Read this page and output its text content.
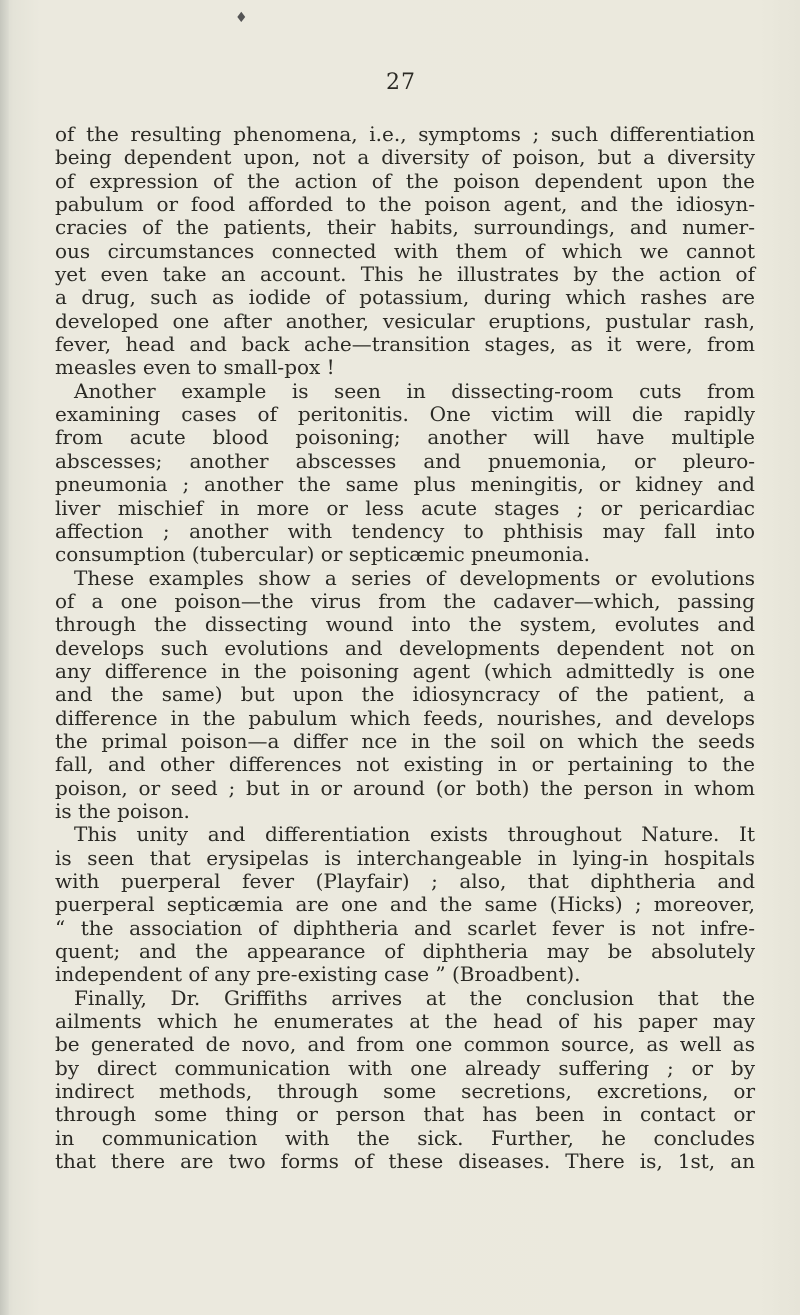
♦
27
of the resulting phenomena, i.e., symptoms ; such differentiation
being dependent upon, not a diversity of poison, but a diversity
of expression of the action of the poison dependent upon the
pabulum or food afforded to the poison agent, and the idiosyn-
cracies of the patients, their habits, surroundings, and numer-
ous circumstances connected with them of which we cannot
yet even take an account. This he illustrates by the action of
a drug, such as iodide of potassium, during which rashes are
developed one after another, vesicular eruptions, pustular rash,
fever, head and back ache—transition stages, as it were, from
measles even to small-pox !
Another example is seen in dissecting-room cuts from
examining cases of peritonitis. One victim will die rapidly
from acute blood poisoning; another will have multiple
abscesses; another abscesses and pnuemonia, or pleuro-
pneumonia ; another the same plus meningitis, or kidney and
liver mischief in more or less acute stages ; or pericardiac
affection ; another with tendency to phthisis may fall into
consumption (tubercular) or septicæmic pneumonia.
These examples show a series of developments or evolutions
of a one poison—the virus from the cadaver—which, passing
through the dissecting wound into the system, evolutes and
develops such evolutions and developments dependent not on
any difference in the poisoning agent (which admittedly is one
and the same) but upon the idiosyncracy of the patient, a
difference in the pabulum which feeds, nourishes, and develops
the primal poison—a differ nce in the soil on which the seeds
fall, and other differences not existing in or pertaining to the
poison, or seed ; but in or around (or both) the person in whom
is the poison.
This unity and differentiation exists throughout Nature. It
is seen that erysipelas is interchangeable in lying-in hospitals
with puerperal fever (Playfair) ; also, that diphtheria and
puerperal septicæmia are one and the same (Hicks) ; moreover,
“ the association of diphtheria and scarlet fever is not infre-
quent; and the appearance of diphtheria may be absolutely
independent of any pre-existing case ” (Broadbent).
Finally, Dr. Griffiths arrives at the conclusion that the
ailments which he enumerates at the head of his paper may
be generated de novo, and from one common source, as well as
by direct communication with one already suffering ; or by
indirect methods, through some secretions, excretions, or
through some thing or person that has been in contact or
in communication with the sick. Further, he concludes
that there are two forms of these diseases. There is, 1st, an
